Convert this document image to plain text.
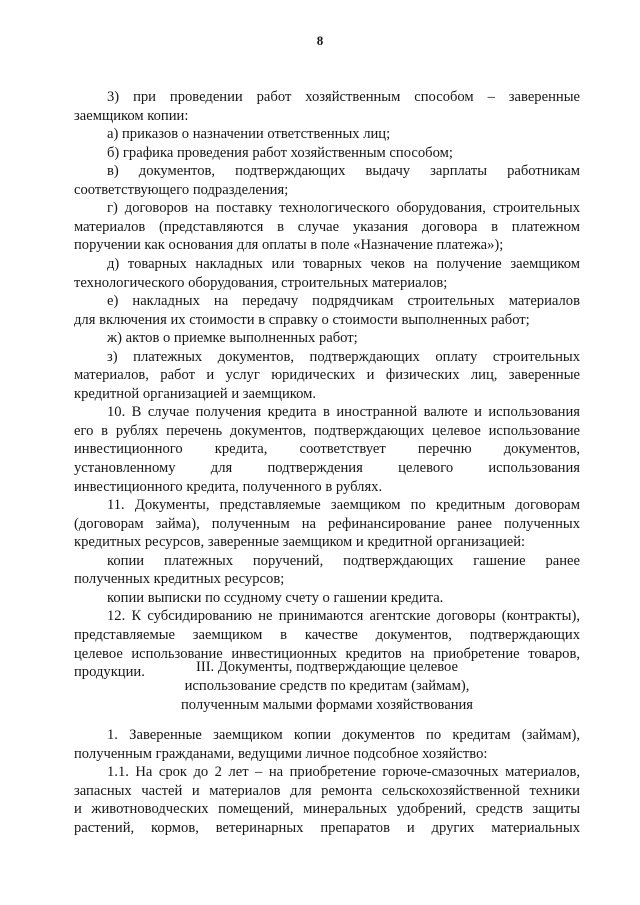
8
3) при проведении работ хозяйственным способом – заверенные
заемщиком копии:
а) приказов о назначении ответственных лиц;
б) графика проведения работ хозяйственным способом;
в) документов, подтверждающих выдачу зарплаты работникам
соответствующего подразделения;
г) договоров на поставку технологического оборудования, строительных
материалов (представляются в случае указания договора в платежном
поручении как основания для оплаты в поле «Назначение платежа»);
д) товарных накладных или товарных чеков на получение заемщиком
технологического оборудования, строительных материалов;
е) накладных на передачу подрядчикам строительных материалов
для включения их стоимости в справку о стоимости выполненных работ;
ж) актов о приемке выполненных работ;
з) платежных документов, подтверждающих оплату строительных
материалов, работ и услуг юридических и физических лиц, заверенные
кредитной организацией и заемщиком.
10. В случае получения кредита в иностранной валюте и использования
его в рублях перечень документов, подтверждающих целевое использование
инвестиционного кредита, соответствует перечню документов,
установленному для подтверждения целевого использования
инвестиционного кредита, полученного в рублях.
11. Документы, представляемые заемщиком по кредитным договорам
(договорам займа), полученным на рефинансирование ранее полученных
кредитных ресурсов, заверенные заемщиком и кредитной организацией:
копии платежных поручений, подтверждающих гашение ранее
полученных кредитных ресурсов;
копии выписки по ссудному счету о гашении кредита.
12. К субсидированию не принимаются агентские договоры (контракты),
представляемые заемщиком в качестве документов, подтверждающих
целевое использование инвестиционных кредитов на приобретение товаров,
продукции.	III. Документы, подтверждающие целевое
использование средств по кредитам (займам),
полученным малыми формами хозяйствования
1. Заверенные заемщиком копии документов по кредитам (займам),
полученным гражданами, ведущими личное подсобное хозяйство:
1.1. На срок до 2 лет – на приобретение горюче-смазочных материалов,
запасных частей и материалов для ремонта сельскохозяйственной техники
и животноводческих помещений, минеральных удобрений, средств защиты
растений, кормов, ветеринарных препаратов и других материальных
